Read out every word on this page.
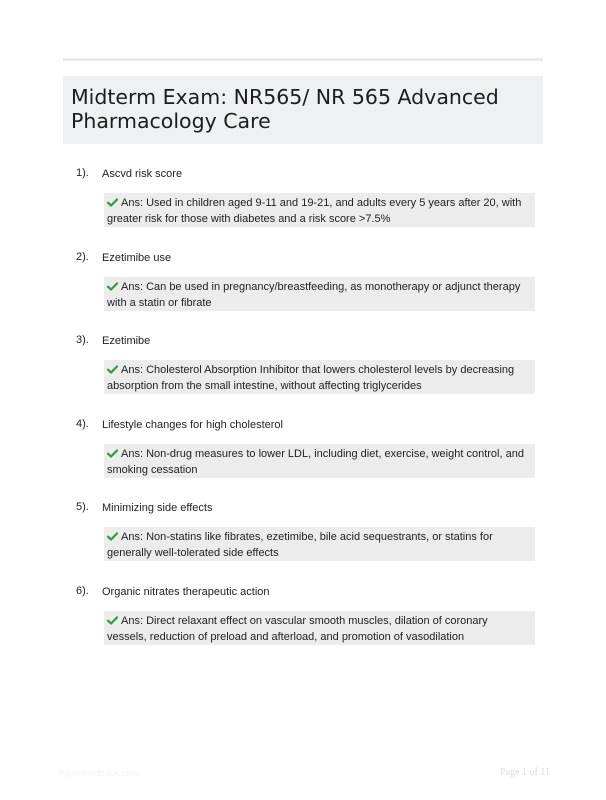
Midterm Exam: NR565/ NR 565 Advanced Pharmacology Care
1). Ascvd risk score
Ans: Used in children aged 9-11 and 19-21, and adults every 5 years after 20, with greater risk for those with diabetes and a risk score >7.5%
2). Ezetimibe use
Ans: Can be used in pregnancy/breastfeeding, as monotherapy or adjunct therapy with a statin or fibrate
3). Ezetimibe
Ans: Cholesterol Absorption Inhibitor that lowers cholesterol levels by decreasing absorption from the small intestine, without affecting triglycerides
4). Lifestyle changes for high cholesterol
Ans: Non-drug measures to lower LDL, including diet, exercise, weight control, and smoking cessation
5). Minimizing side effects
Ans: Non-statins like fibrates, ezetimibe, bile acid sequestrants, or statins for generally well-tolerated side effects
6). Organic nitrates therapeutic action
Ans: Direct relaxant effect on vascular smooth muscles, dilation of coronary vessels, reduction of preload and afterload, and promotion of vasodilation
Paperfeedback.com	Page 1 of 11
